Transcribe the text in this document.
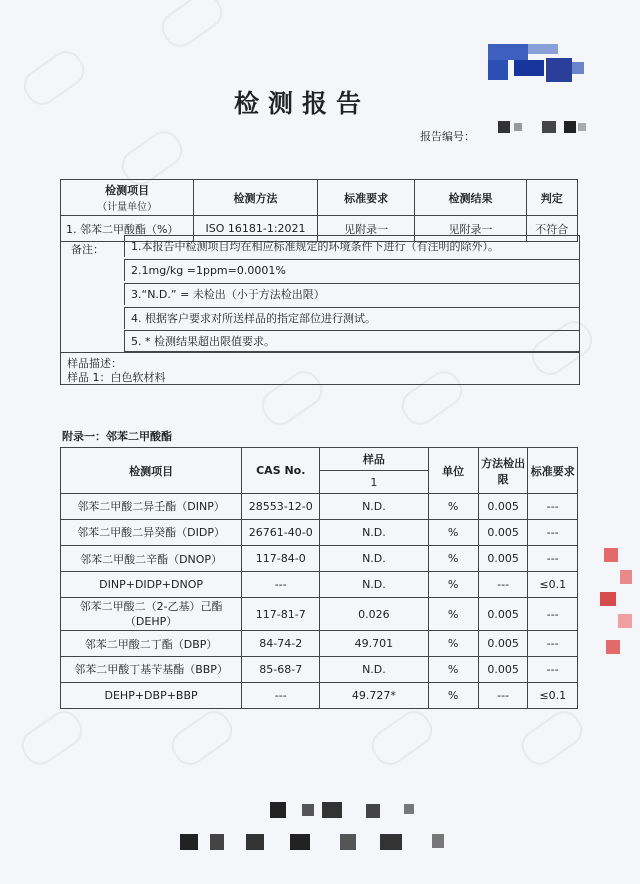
检测报告
报告编号：
检测项目
（计量单位）	检测方法	标准要求	检测结果	判定
1. 邻苯二甲酸酯（%）	ISO 16181-1:2021	见附录一	见附录一	不符合
备注：	1.本报告中检测项目均在相应标准规定的环境条件下进行（有注明的除外）。
2.1mg/kg =1ppm=0.0001%
3.“N.D.” = 未检出（小于方法检出限）
4. 根据客户要求对所送样品的指定部位进行测试。
5. * 检测结果超出限值要求。
样品描述：
样品 1：白色软材料
附录一：邻苯二甲酸酯
检测项目	CAS No.	样品	单位	方法检出限	标准要求
		1			
邻苯二甲酸二异壬酯（DINP）	28553-12-0	N.D.	%	0.005	---
邻苯二甲酸二异癸酯（DIDP）	26761-40-0	N.D.	%	0.005	---
邻苯二甲酸二辛酯（DNOP）	117-84-0	N.D.	%	0.005	---
DINP+DIDP+DNOP	---	N.D.	%	---	≤0.1
邻苯二甲酸二（2-乙基）己酯（DEHP）	117-81-7	0.026	%	0.005	---
邻苯二甲酸二丁酯（DBP）	84-74-2	49.701	%	0.005	---
邻苯二甲酸丁基苄基酯（BBP）	85-68-7	N.D.	%	0.005	---
DEHP+DBP+BBP	---	49.727*	%	---	≤0.1
